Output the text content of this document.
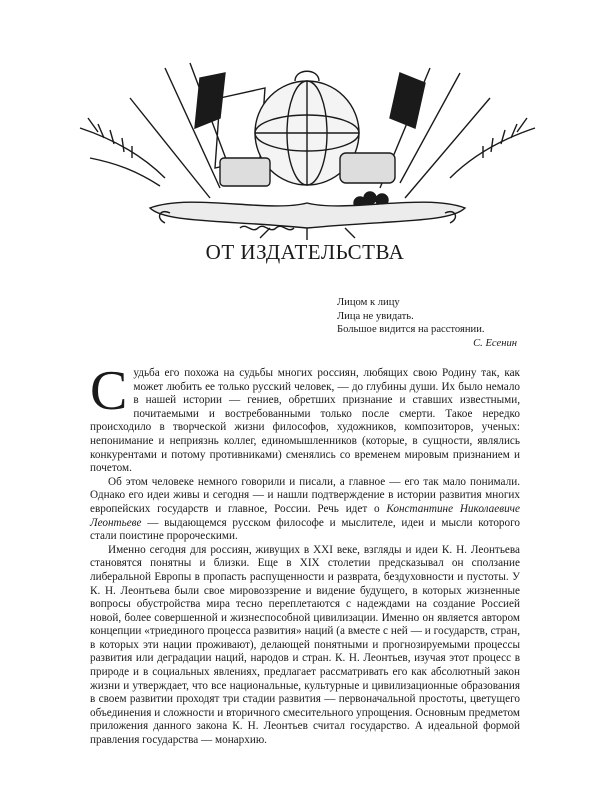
ОТ ИЗДАТЕЛЬСТВА
Лицом к лицу
Лица не увидать.
Большое видится на расстоянии.
С. Есенин

Судьба его похожа на судьбы многих россиян, любящих свою Родину так, как может любить ее только русский человек, — до глубины души. Их было немало в нашей истории — гениев, обретших признание и ставших известными, почитаемыми и востребованными только после смерти. Такое нередко происходило в творческой жизни философов, художников, композиторов, ученых: непонимание и неприязнь коллег, единомышленников (которые, в сущности, являлись конкурентами и потому противниками) сменялись со временем мировым признанием и почетом.

Об этом человеке немного говорили и писали, а главное — его так мало понимали. Однако его идеи живы и сегодня — и нашли подтверждение в истории развития многих европейских государств и главное, России. Речь идет о Константине Николаевиче Леонтьеве — выдающемся русском философе и мыслителе, идеи и мысли которого стали поистине пророческими.

Именно сегодня для россиян, живущих в XXI веке, взгляды и идеи К. Н. Леонтьева становятся понятны и близки. Еще в XIX столетии предсказывал он сползание либеральной Европы в пропасть распущенности и разврата, бездуховности и пустоты. У К. Н. Леонтьева были свое мировоззрение и видение будущего, в которых жизненные вопросы обустройства мира тесно переплетаются с надеждами на создание Россией новой, более совершенной и жизнеспособной цивилизации. Именно он является автором концепции «триединого процесса развития» наций (а вместе с ней — и государств, стран, в которых эти нации проживают), делающей понятными и прогнозируемыми процессы развития или деградации наций, народов и стран. К. Н. Леонтьев, изучая этот процесс в природе и в социальных явлениях, предлагает рассматривать его как абсолютный закон жизни и утверждает, что все национальные, культурные и цивилизационные образования в своем развитии проходят три стадии развития — первоначальной простоты, цветущего объединения и сложности и вторичного смесительного упрощения. Основным предметом приложения данного закона К. Н. Леонтьев считал государство. А идеальной формой правления государства — монархию.
